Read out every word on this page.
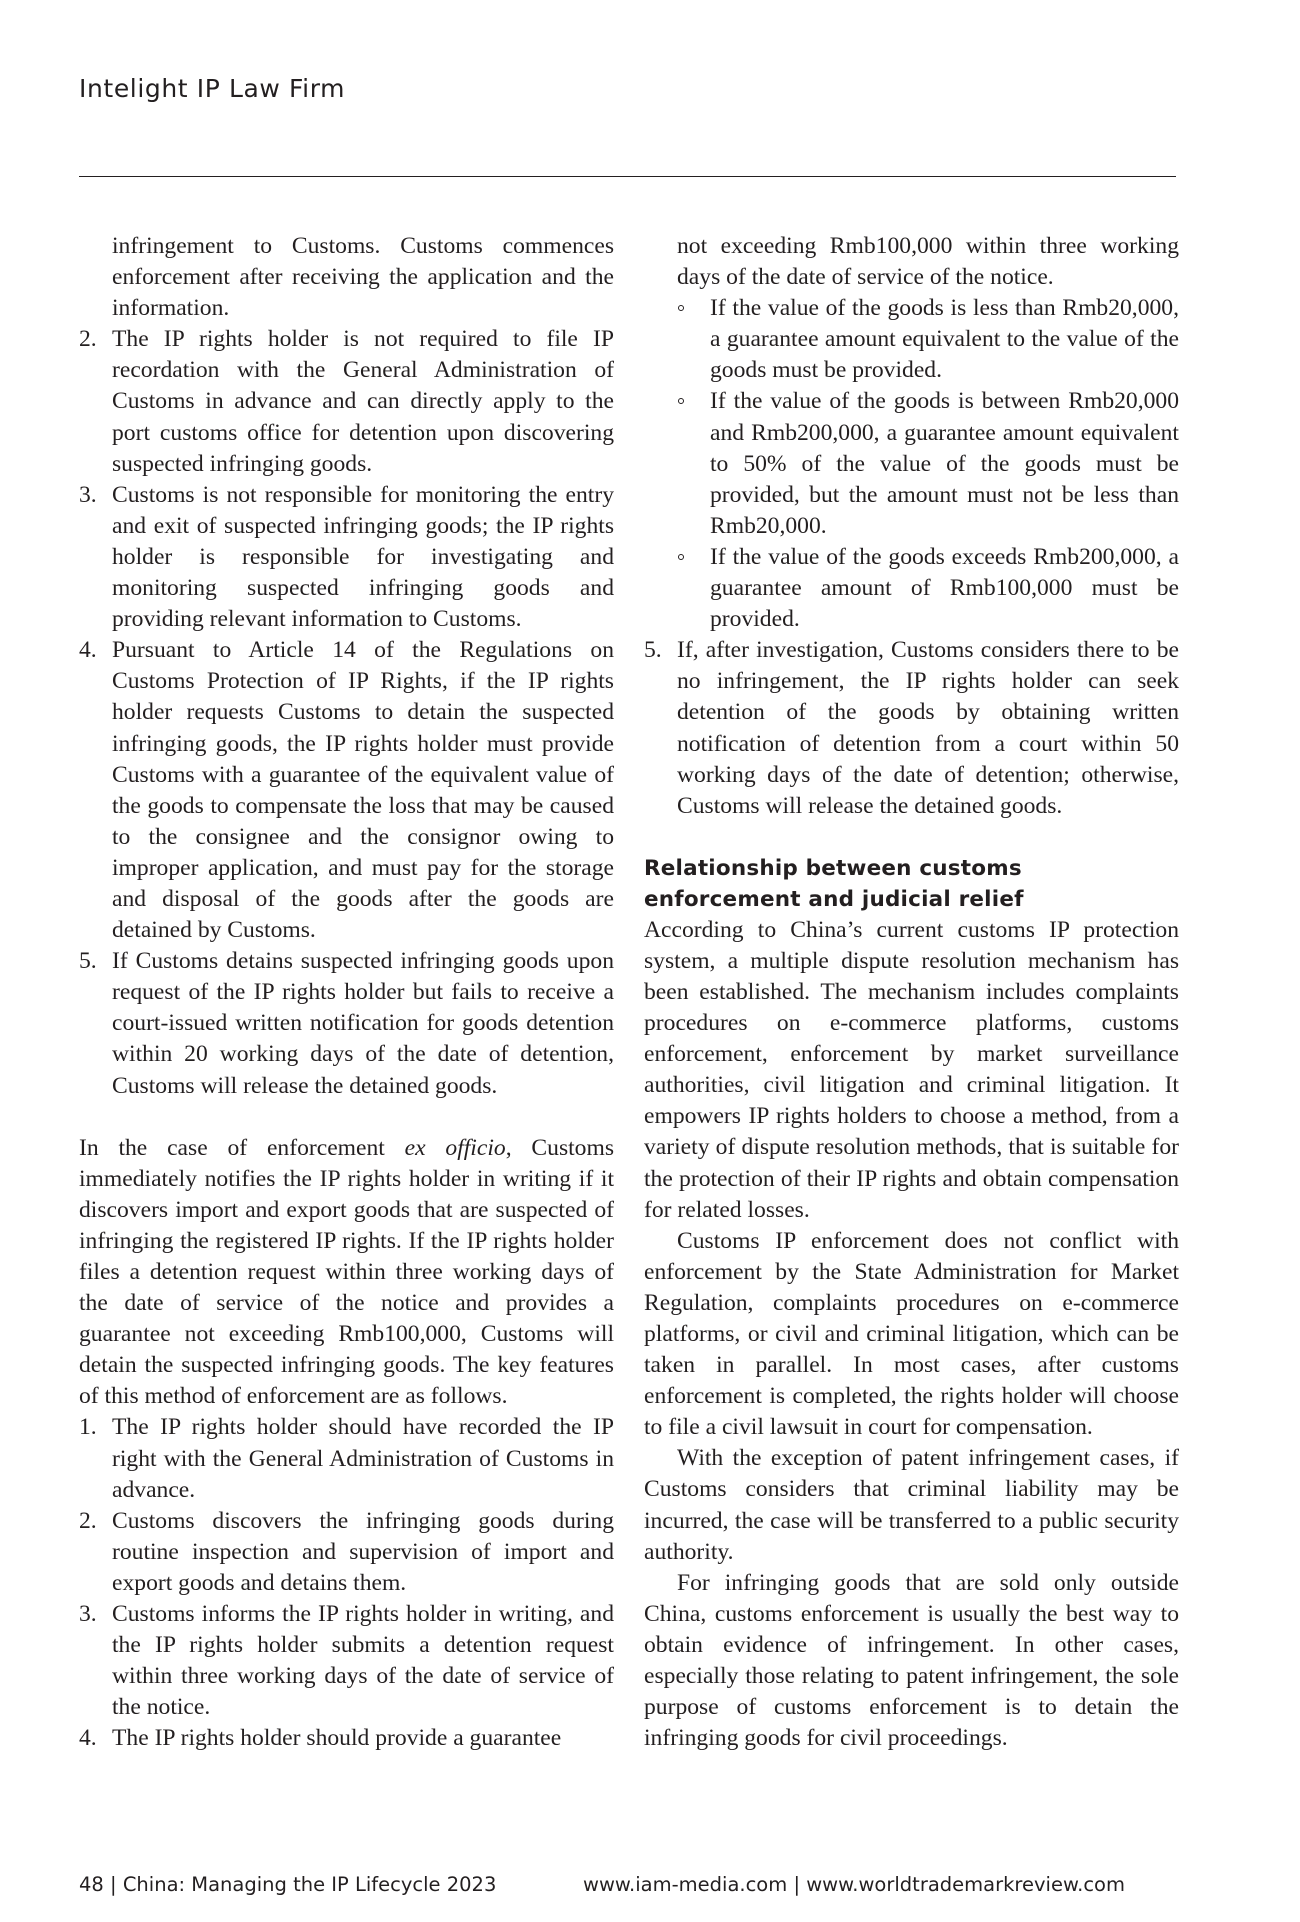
Intelight IP Law Firm

infringement to Customs. Customs commences enforcement after receiving the application and the information.

2. The IP rights holder is not required to file IP recordation with the General Administration of Customs in advance and can directly apply to the port customs office for detention upon discovering suspected infringing goods.
3. Customs is not responsible for monitoring the entry and exit of suspected infringing goods; the IP rights holder is responsible for investigating and monitoring suspected infringing goods and providing relevant information to Customs.
4. Pursuant to Article 14 of the Regulations on Customs Protection of IP Rights, if the IP rights holder requests Customs to detain the suspected infringing goods, the IP rights holder must provide Customs with a guarantee of the equivalent value of the goods to compensate the loss that may be caused to the consignee and the consignor owing to improper application, and must pay for the storage and disposal of the goods after the goods are detained by Customs.
5. If Customs detains suspected infringing goods upon request of the IP rights holder but fails to receive a court-issued written notification for goods detention within 20 working days of the date of detention, Customs will release the detained goods.

In the case of enforcement ex officio, Customs immediately notifies the IP rights holder in writing if it discovers import and export goods that are suspected of infringing the registered IP rights. If the IP rights holder files a detention request within three working days of the date of service of the notice and provides a guarantee not exceeding Rmb100,000, Customs will detain the suspected infringing goods. The key features of this method of enforcement are as follows.

1. The IP rights holder should have recorded the IP right with the General Administration of Customs in advance.
2. Customs discovers the infringing goods during routine inspection and supervision of import and export goods and detains them.
3. Customs informs the IP rights holder in writing, and the IP rights holder submits a detention request within three working days of the date of service of the notice.
4. The IP rights holder should provide a guarantee

not exceeding Rmb100,000 within three working days of the date of service of the notice.

If the value of the goods is less than Rmb20,000, a guarantee amount equivalent to the value of the goods must be provided.
If the value of the goods is between Rmb20,000 and Rmb200,000, a guarantee amount equivalent to 50% of the value of the goods must be provided, but the amount must not be less than Rmb20,000.
If the value of the goods exceeds Rmb200,000, a guarantee amount of Rmb100,000 must be provided.
5. If, after investigation, Customs considers there to be no infringement, the IP rights holder can seek detention of the goods by obtaining written notification of detention from a court within 50 working days of the date of detention; otherwise, Customs will release the detained goods.
Relationship between customs enforcement and judicial relief

According to China’s current customs IP protection system, a multiple dispute resolution mechanism has been established. The mechanism includes complaints procedures on e-commerce platforms, customs enforcement, enforcement by market surveillance authorities, civil litigation and criminal litigation. It empowers IP rights holders to choose a method, from a variety of dispute resolution methods, that is suitable for the protection of their IP rights and obtain compensation for related losses.

Customs IP enforcement does not conflict with enforcement by the State Administration for Market Regulation, complaints procedures on e-commerce platforms, or civil and criminal litigation, which can be taken in parallel. In most cases, after customs enforcement is completed, the rights holder will choose to file a civil lawsuit in court for compensation.

With the exception of patent infringement cases, if Customs considers that criminal liability may be incurred, the case will be transferred to a public security authority.

For infringing goods that are sold only outside China, customs enforcement is usually the best way to obtain evidence of infringement. In other cases, especially those relating to patent infringement, the sole purpose of customs enforcement is to detain the infringing goods for civil proceedings.

48 | China: Managing the IP Lifecycle 2023	www.iam-media.com | www.worldtrademarkreview.com
